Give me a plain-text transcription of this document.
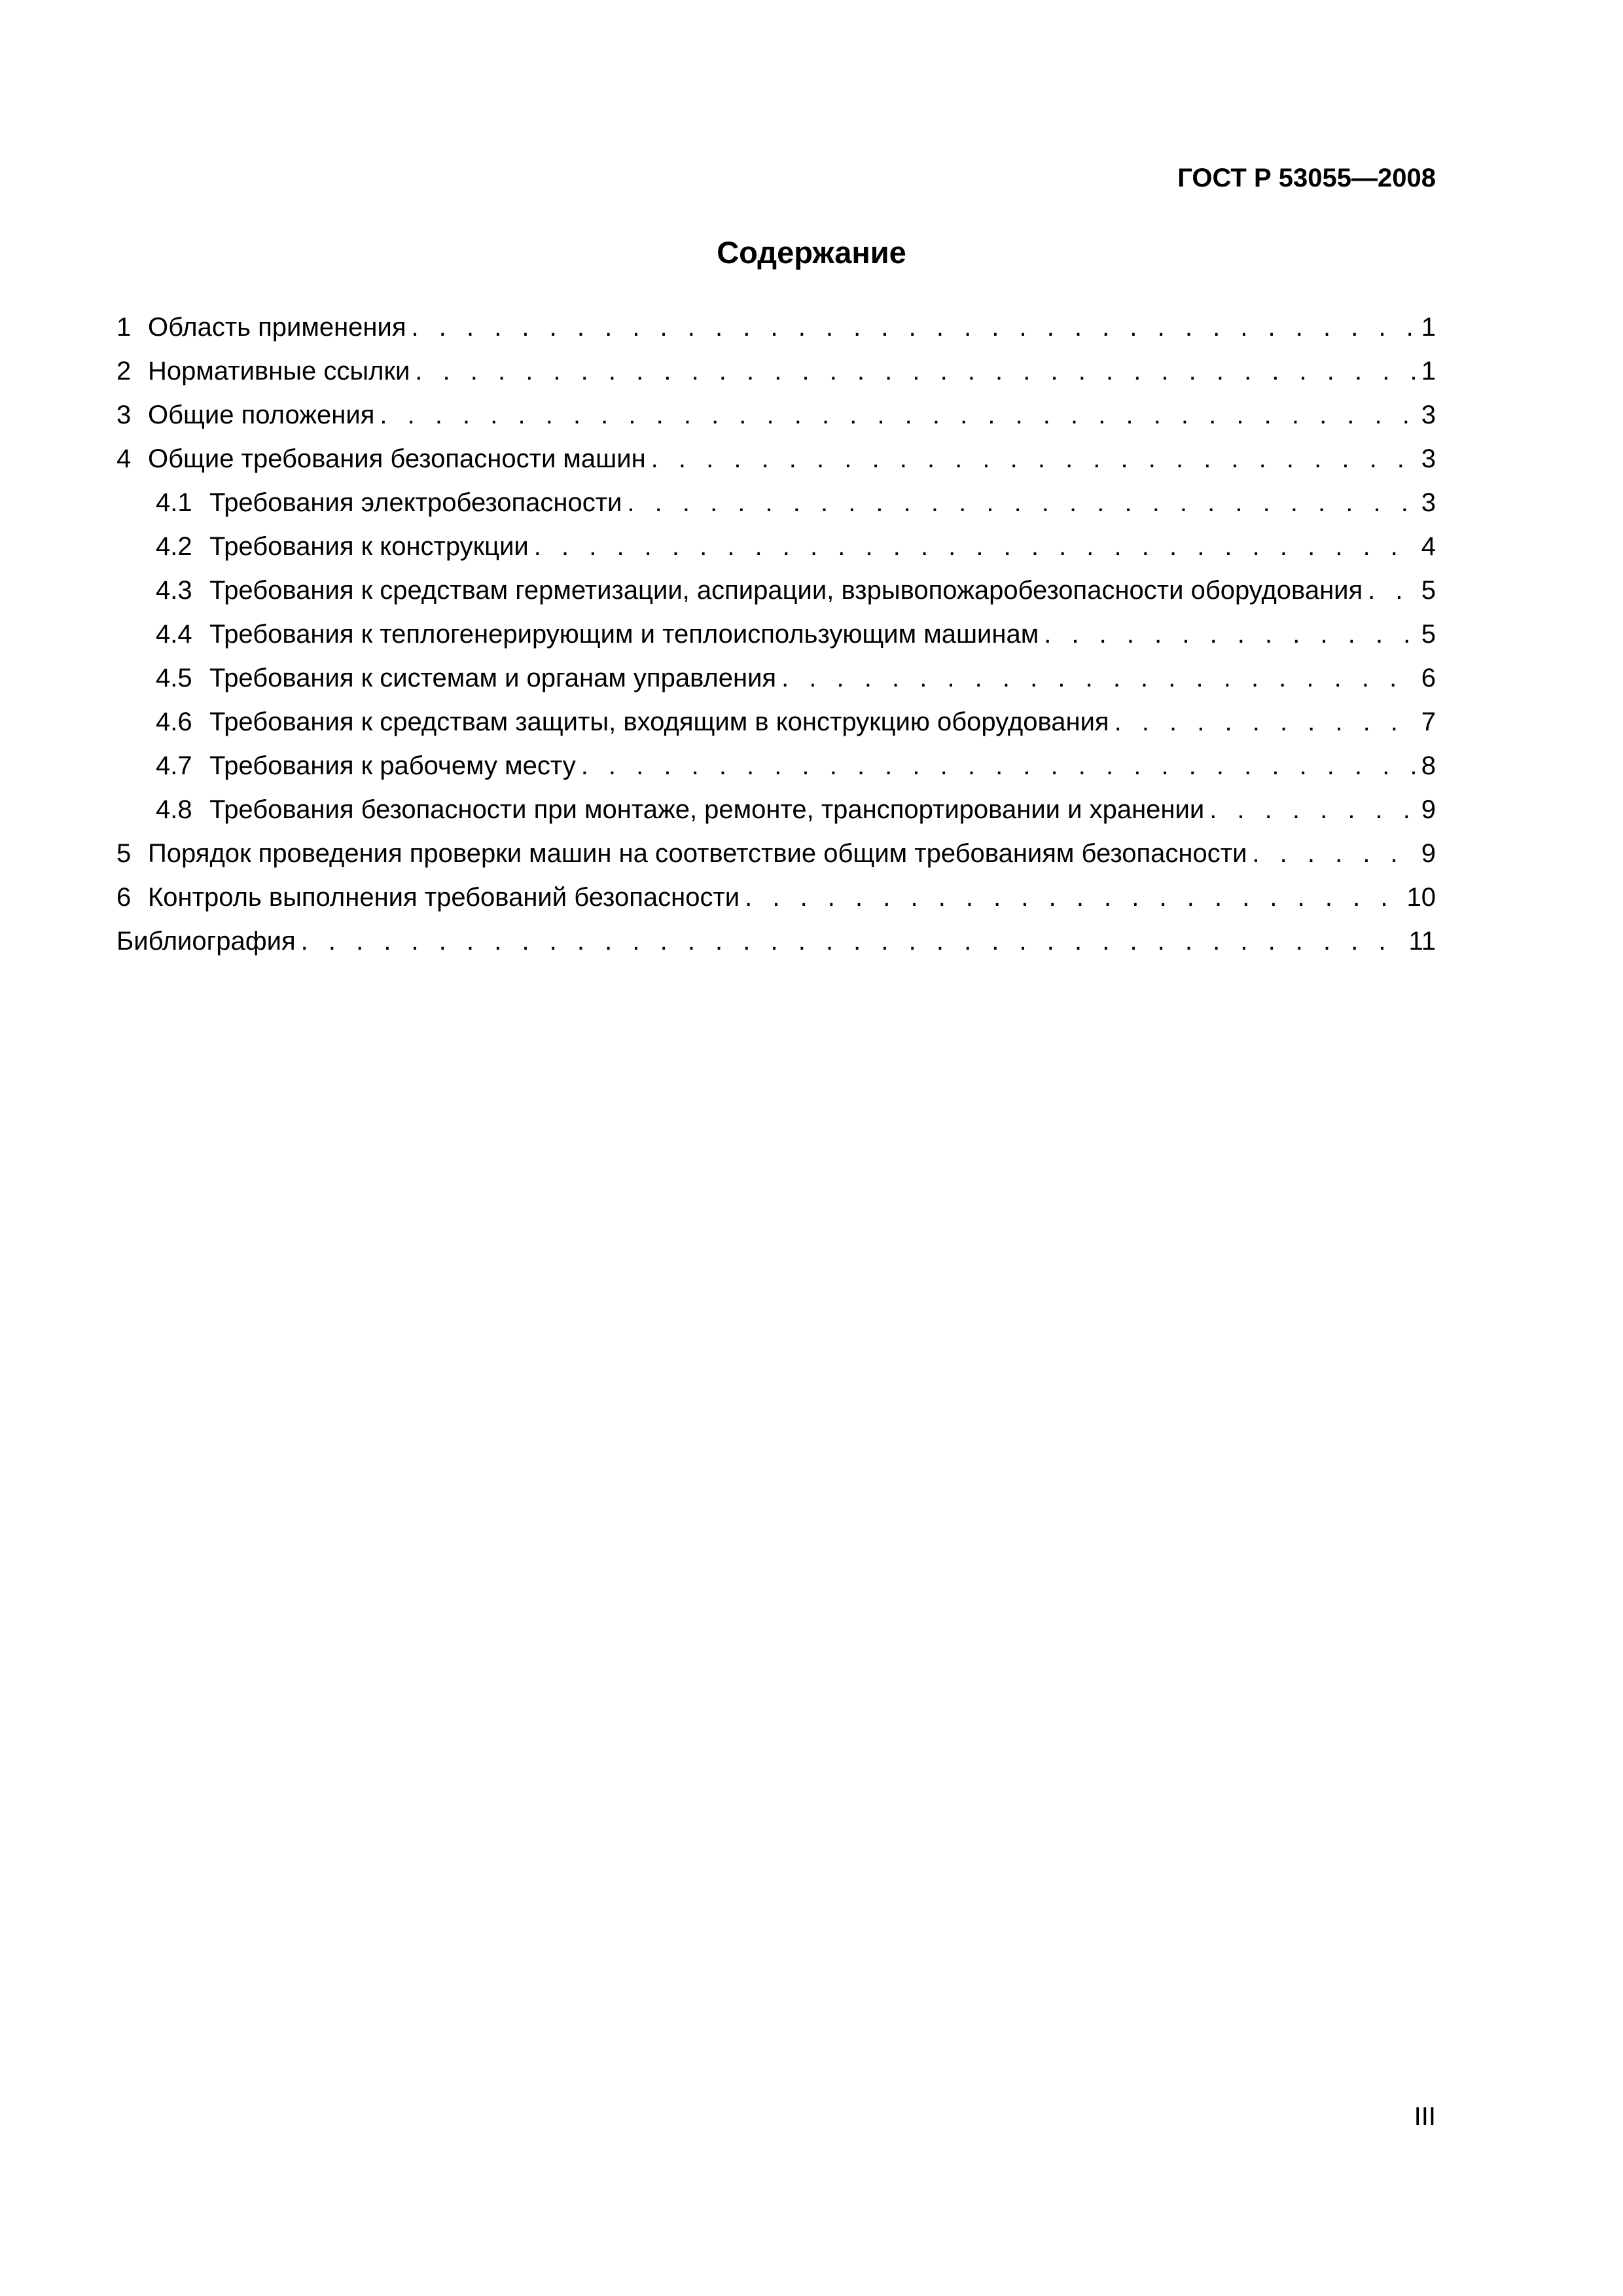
ГОСТ Р 53055—2008
Содержание
1 Область применения . . .	1
2 Нормативные ссылки . . .	1
3 Общие положения . . .	3
4 Общие требования безопасности машин . . .	3
4.1 Требования электробезопасности . . .	3
4.2 Требования к конструкции . . .	4
4.3 Требования к средствам герметизации, аспирации, взрывопожаробезопасности оборудования . . . 5
4.4 Требования к теплогенерирующим и теплоиспользующим машинам . . .	5
4.5 Требования к системам и органам управления . . .	6
4.6 Требования к средствам защиты, входящим в конструкцию оборудования . . .	7
4.7 Требования к рабочему месту . . .	8
4.8 Требования безопасности при монтаже, ремонте, транспортировании и хранении . . .	9
5 Порядок проведения проверки машин на соответствие общим требованиям безопасности . . .	9
6 Контроль выполнения требований безопасности . . .	10
Библиография . . .	11
III
